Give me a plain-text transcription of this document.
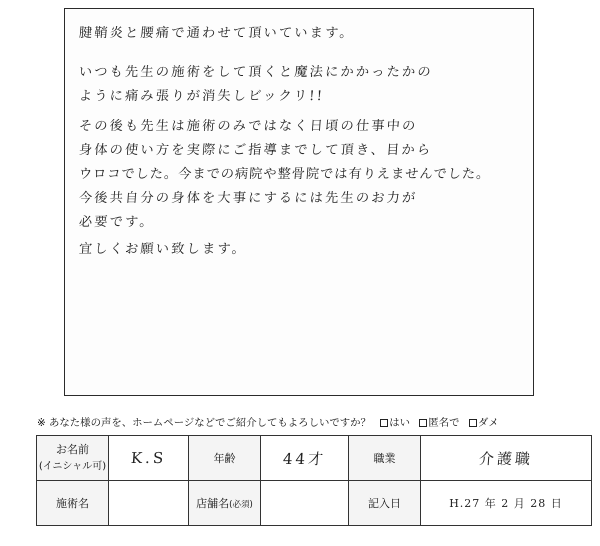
腱鞘炎と腰痛で通わせて頂いています。
いつも先生の施術をして頂くと魔法にかかったかの
ように痛み張りが消失しビックリ!!
その後も先生は施術のみではなく日頃の仕事中の
身体の使い方を実際にご指導までして頂き、目から
ウロコでした。今までの病院や整骨院では有りえませんでした。
今後共自分の身体を大事にするには先生のお力が
必要です。
宜しくお願い致します。
※ あなた様の声を、ホームページなどでご紹介してもよろしいですか？ はい 匿名で ダメ
お名前
(イニシャル可)	K.S	年齢	44才	職業	介護職
施術名		店舗名(必須)		記入日	H.27 年 2 月 28 日
